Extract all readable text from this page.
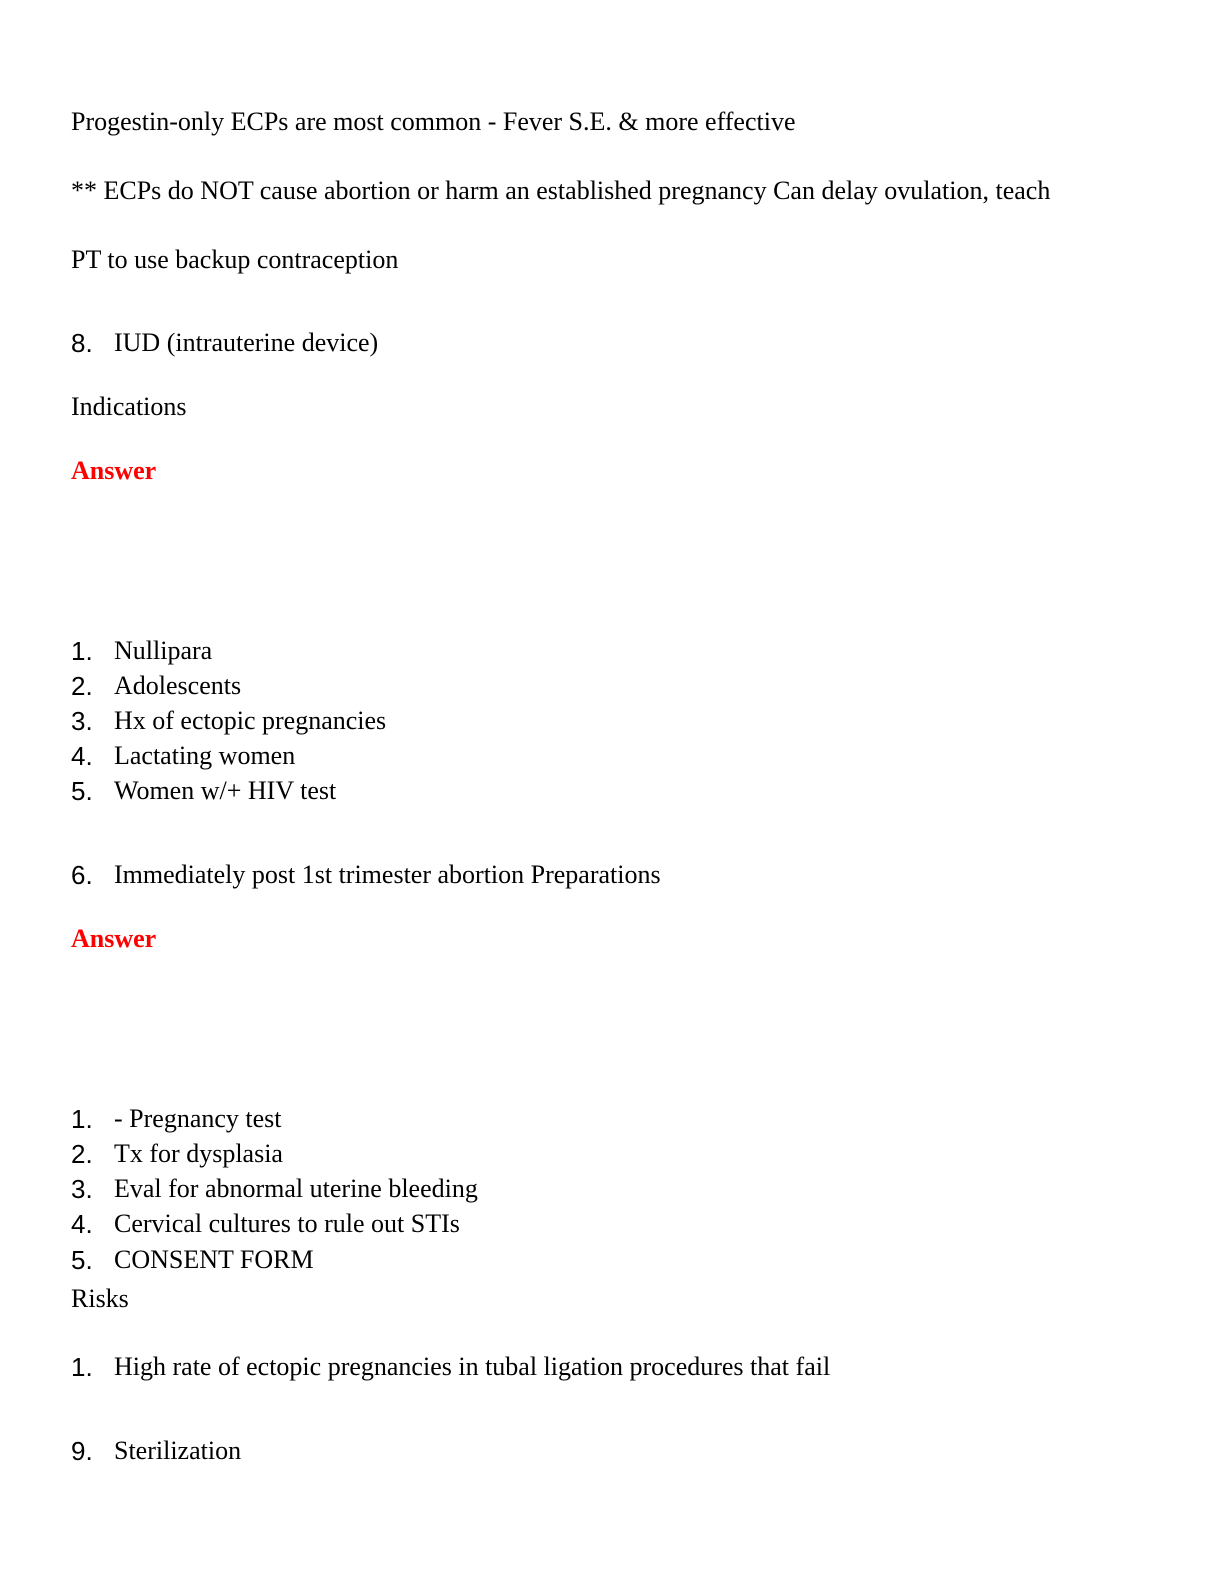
Progestin-only ECPs are most common - Fever S.E. & more effective
** ECPs do NOT cause abortion or harm an established pregnancy Can delay ovulation, teach
PT to use backup contraception
8. IUD (intrauterine device)
Indications
Answer
1. Nullipara
2. Adolescents
3. Hx of ectopic pregnancies
4. Lactating women
5. Women w/+ HIV test
6. Immediately post 1st trimester abortion Preparations
Answer
1. - Pregnancy test
2. Tx for dysplasia
3. Eval for abnormal uterine bleeding
4. Cervical cultures to rule out STIs
5. CONSENT FORM
Risks
1. High rate of ectopic pregnancies in tubal ligation procedures that fail
9. Sterilization
